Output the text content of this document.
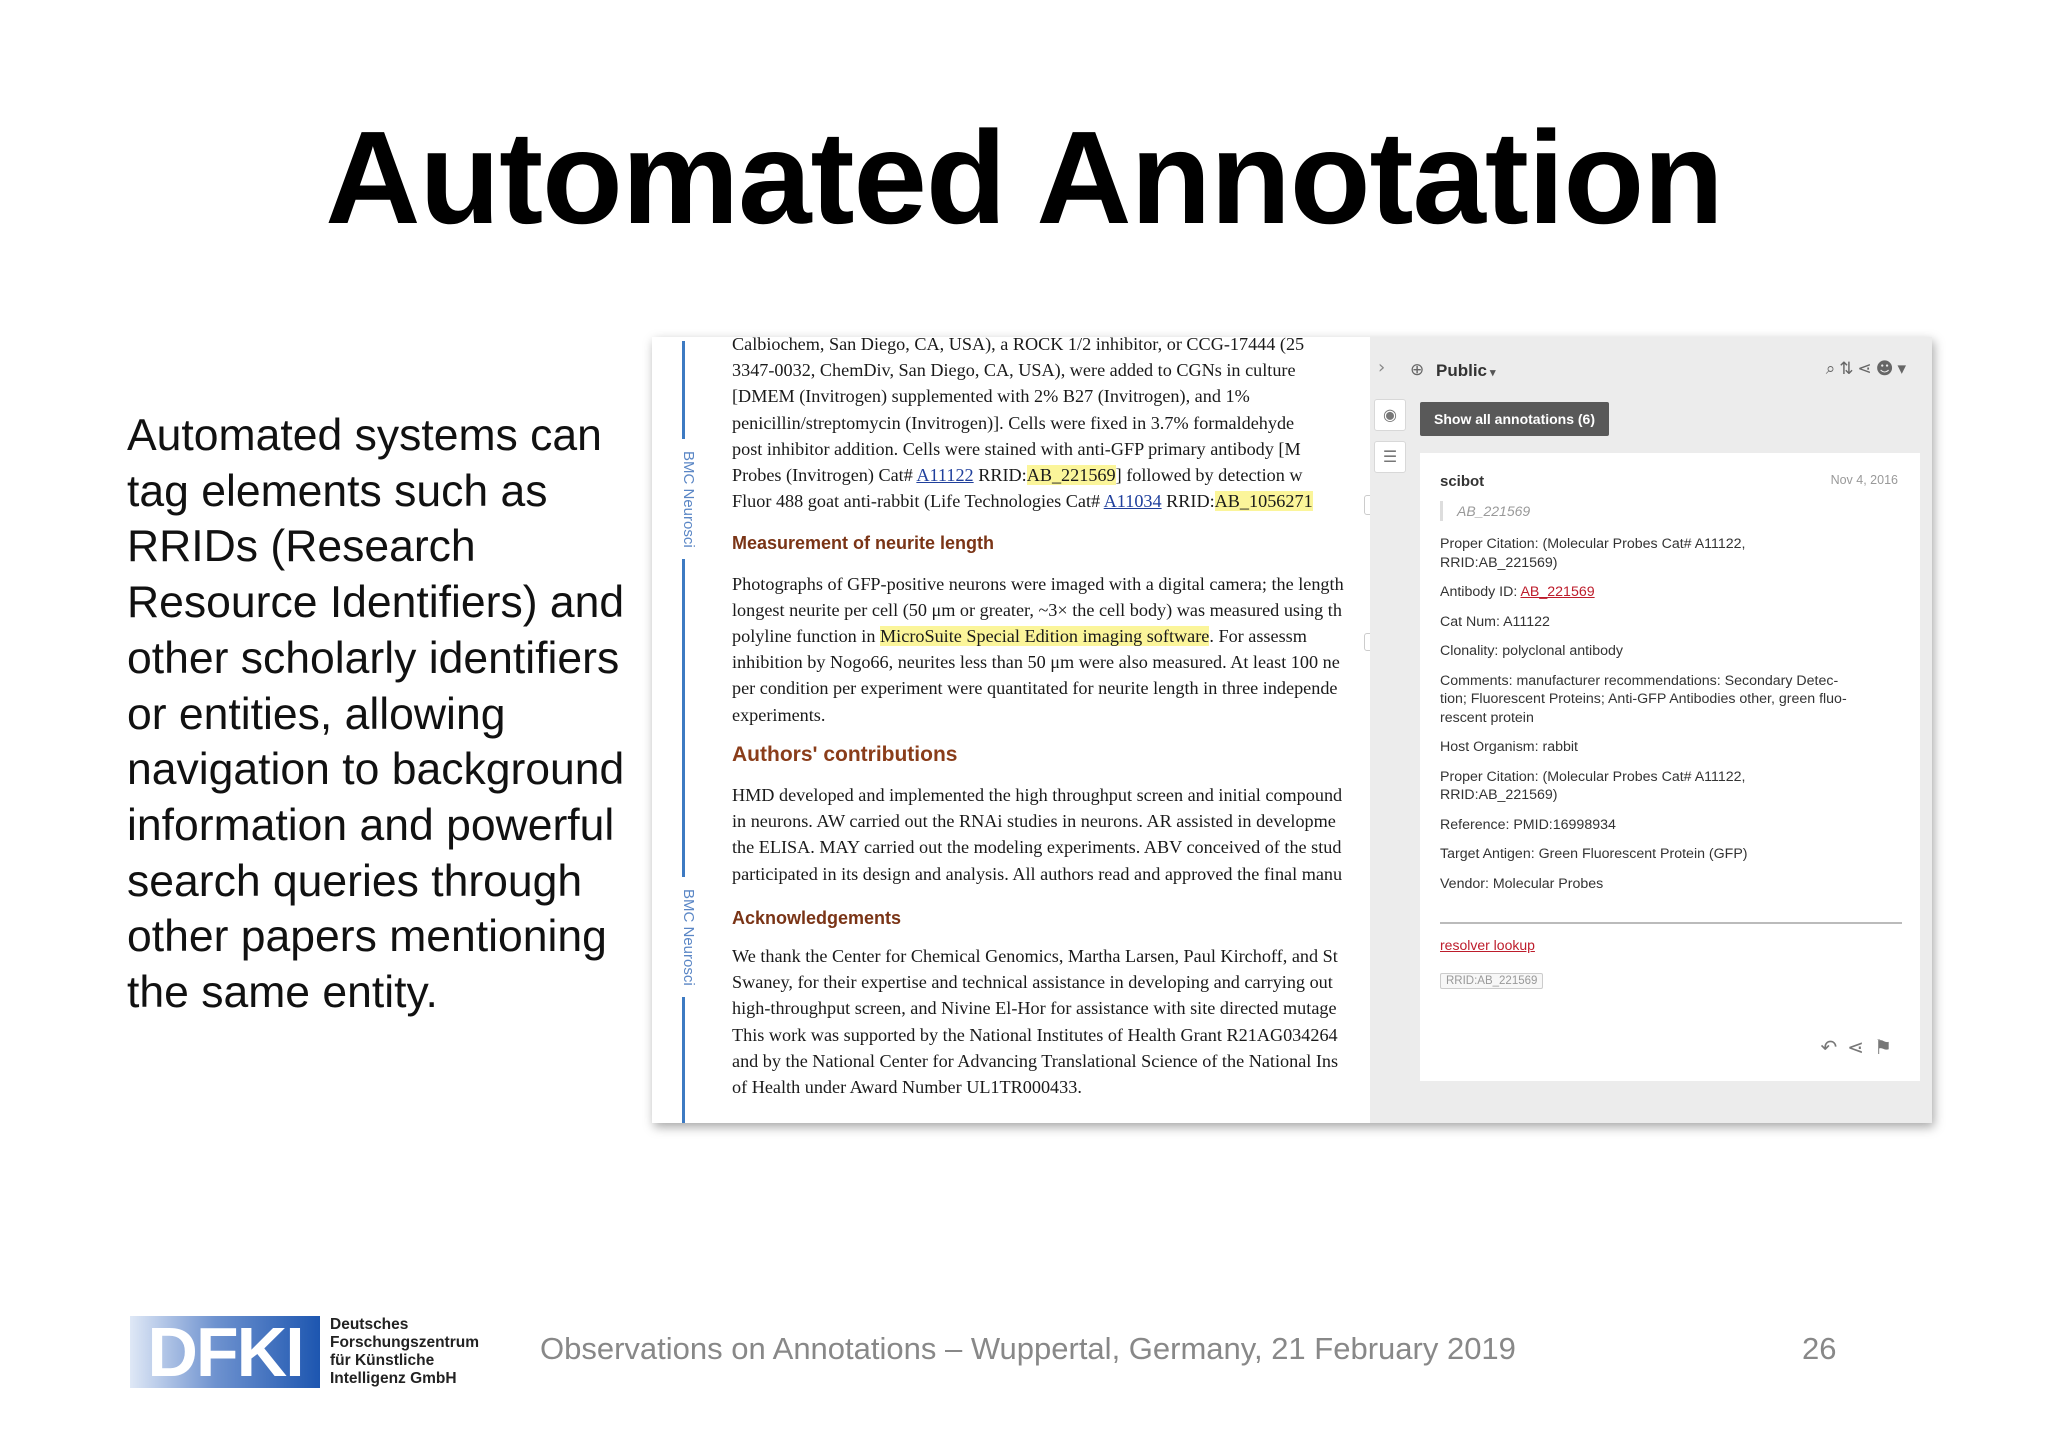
Automated Annotation
Automated systems can
tag elements such as
RRIDs (Research
Resource Identifiers) and
other scholarly identifiers
or entities, allowing
navigation to background
information and powerful
search queries through
other papers mentioning
the same entity.
BMC Neurosci
BMC Neurosci

Calbiochem, San Diego, CA, USA), a ROCK 1/2 inhibitor, or CCG-17444 (25

3347-0032, ChemDiv, San Diego, CA, USA), were added to CGNs in culture

[DMEM (Invitrogen) supplemented with 2% B27 (Invitrogen), and 1%

penicillin/streptomycin (Invitrogen)]. Cells were fixed in 3.7% formaldehyde

post inhibitor addition. Cells were stained with anti-GFP primary antibody [M

Probes (Invitrogen) Cat# A11122 RRID:AB_221569] followed by detection w

Fluor 488 goat anti-rabbit (Life Technologies Cat# A11034 RRID:AB_1056271

Measurement of neurite length

Photographs of GFP-positive neurons were imaged with a digital camera; the length

longest neurite per cell (50 μm or greater, ~3× the cell body) was measured using th

polyline function in MicroSuite Special Edition imaging software. For assessm

inhibition by Nogo66, neurites less than 50 μm were also measured. At least 100 ne

per condition per experiment were quantitated for neurite length in three independe

experiments.

Authors' contributions

HMD developed and implemented the high throughput screen and initial compound

in neurons. AW carried out the RNAi studies in neurons. AR assisted in developme

the ELISA. MAY carried out the modeling experiments. ABV conceived of the stud

participated in its design and analysis. All authors read and approved the final manu

Acknowledgements

We thank the Center for Chemical Genomics, Martha Larsen, Paul Kirchoff, and St

Swaney, for their expertise and technical assistance in developing and carrying out

high-throughput screen, and Nivine El-Hor for assistance with site directed mutage

This work was supported by the National Institutes of Health Grant R21AG034264

and by the National Center for Advancing Translational Science of the National Ins

of Health under Award Number UL1TR000433.

›
◉
☰
⊕ Public ▾	⌕⇅⋖☻▾
Show all annotations (6)
scibot	Nov 4, 2016
AB_221569
Proper Citation: (Molecular Probes Cat# A11122,
RRID:AB_221569)
Antibody ID: AB_221569
Cat Num: A11122
Clonality: polyclonal antibody
Comments: manufacturer recommendations: Secondary Detec-
tion; Fluorescent Proteins; Anti-GFP Antibodies other, green fluo-
rescent protein
Host Organism: rabbit
Proper Citation: (Molecular Probes Cat# A11122,
RRID:AB_221569)
Reference: PMID:16998934
Target Antigen: Green Fluorescent Protein (GFP)
Vendor: Molecular Probes
resolver lookup
RRID:AB_221569
↶⋖⚑
DFKI	Deutsches
Forschungszentrum
für Künstliche
Intelligenz GmbH
Observations on Annotations – Wuppertal, Germany, 21 February 2019	26
